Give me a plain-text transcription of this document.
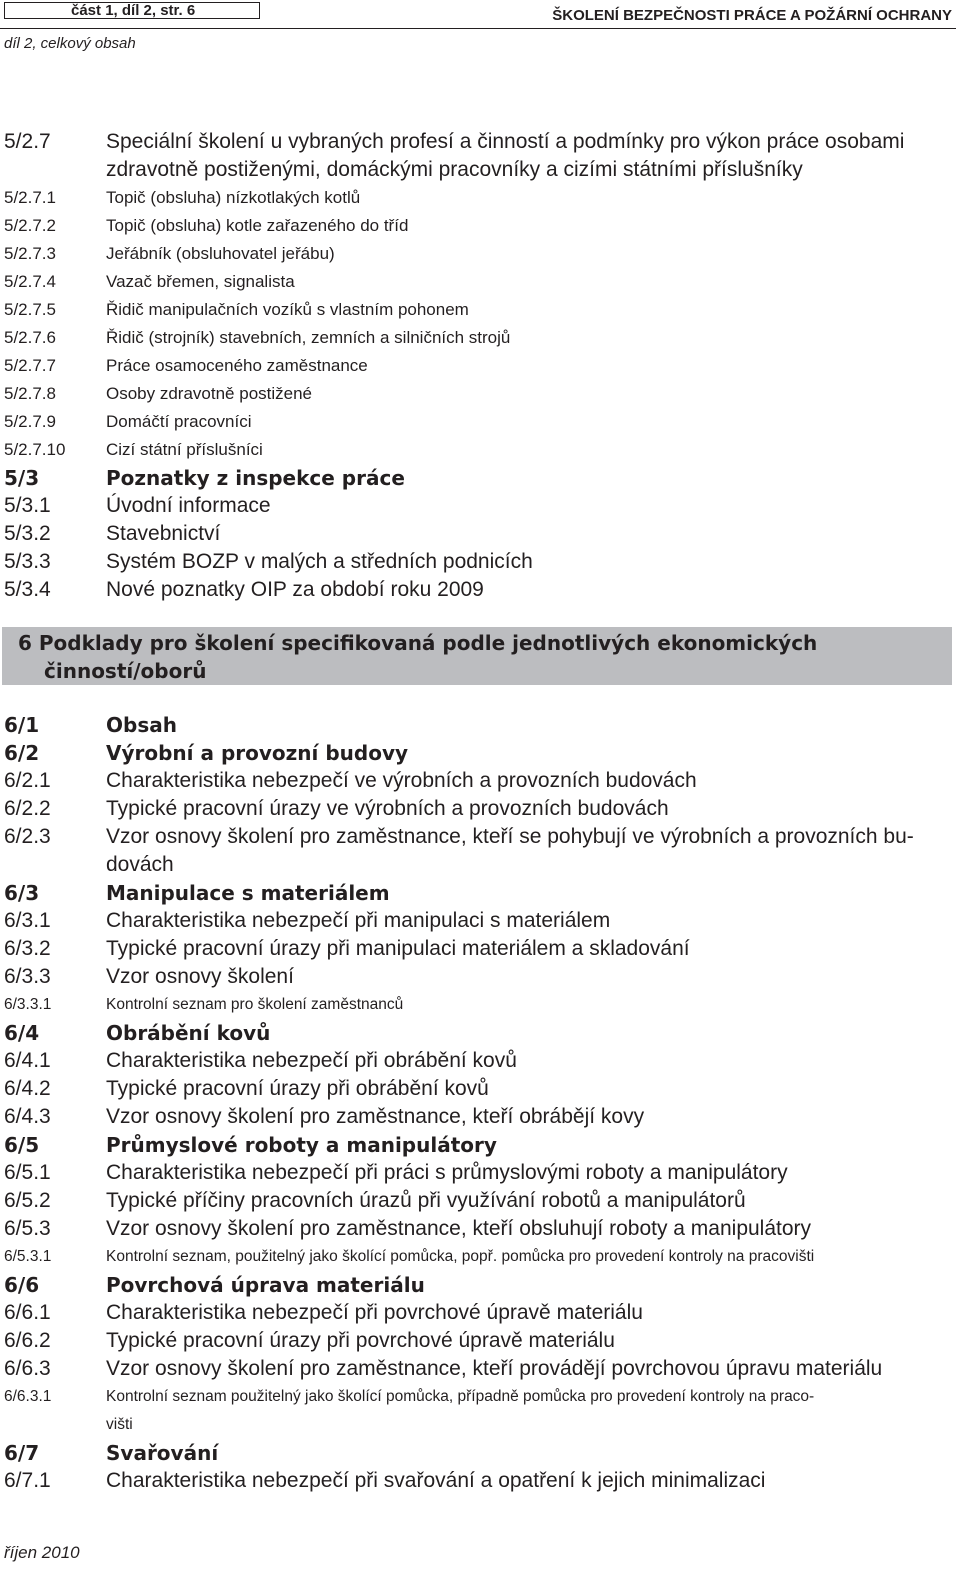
část 1, díl 2, str. 6	ŠKOLENÍ BEZPEČNOSTI PRÁCE A POŽÁRNÍ OCHRANY
díl 2, celkový obsah
5/2.7	Speciální školení u vybraných profesí a činností a podmínky pro výkon práce osobami
zdravotně postiženými, domáckými pracovníky a cizími státními příslušníky
5/2.7.1	Topič (obsluha) nízkotlakých kotlů
5/2.7.2	Topič (obsluha) kotle zařazeného do tříd
5/2.7.3	Jeřábník (obsluhovatel jeřábu)
5/2.7.4	Vazač břemen, signalista
5/2.7.5	Řidič manipulačních vozíků s vlastním pohonem
5/2.7.6	Řidič (strojník) stavebních, zemních a silničních strojů
5/2.7.7	Práce osamoceného zaměstnance
5/2.7.8	Osoby zdravotně postižené
5/2.7.9	Domáčtí pracovníci
5/2.7.10	Cizí státní příslušníci
5/3	Poznatky z inspekce práce
5/3.1	Úvodní informace
5/3.2	Stavebnictví
5/3.3	Systém BOZP v malých a středních podnicích
5/3.4	Nové poznatky OIP za období roku 2009
6 Podklady pro školení specifikovaná podle jednotlivých ekonomických
činností/oborů
6/1	Obsah
6/2	Výrobní a provozní budovy
6/2.1	Charakteristika nebezpečí ve výrobních a provozních budovách
6/2.2	Typické pracovní úrazy ve výrobních a provozních budovách
6/2.3	Vzor osnovy školení pro zaměstnance, kteří se pohybují ve výrobních a provozních bu-
dovách
6/3	Manipulace s materiálem
6/3.1	Charakteristika nebezpečí při manipulaci s materiálem
6/3.2	Typické pracovní úrazy při manipulaci materiálem a skladování
6/3.3	Vzor osnovy školení
6/3.3.1	Kontrolní seznam pro školení zaměstnanců
6/4	Obrábění kovů
6/4.1	Charakteristika nebezpečí při obrábění kovů
6/4.2	Typické pracovní úrazy při obrábění kovů
6/4.3	Vzor osnovy školení pro zaměstnance, kteří obrábějí kovy
6/5	Průmyslové roboty a manipulátory
6/5.1	Charakteristika nebezpečí při práci s průmyslovými roboty a manipulátory
6/5.2	Typické příčiny pracovních úrazů při využívání robotů a manipulátorů
6/5.3	Vzor osnovy školení pro zaměstnance, kteří obsluhují roboty a manipulátory
6/5.3.1	Kontrolní seznam, použitelný jako školící pomůcka, popř. pomůcka pro provedení kontroly na pracovišti
6/6	Povrchová úprava materiálu
6/6.1	Charakteristika nebezpečí při povrchové úpravě materiálu
6/6.2	Typické pracovní úrazy při povrchové úpravě materiálu
6/6.3	Vzor osnovy školení pro zaměstnance, kteří provádějí povrchovou úpravu materiálu
6/6.3.1	Kontrolní seznam použitelný jako školící pomůcka, případně pomůcka pro provedení kontroly na praco-
višti
6/7	Svařování
6/7.1	Charakteristika nebezpečí při svařování a opatření k jejich minimalizaci
říjen 2010
